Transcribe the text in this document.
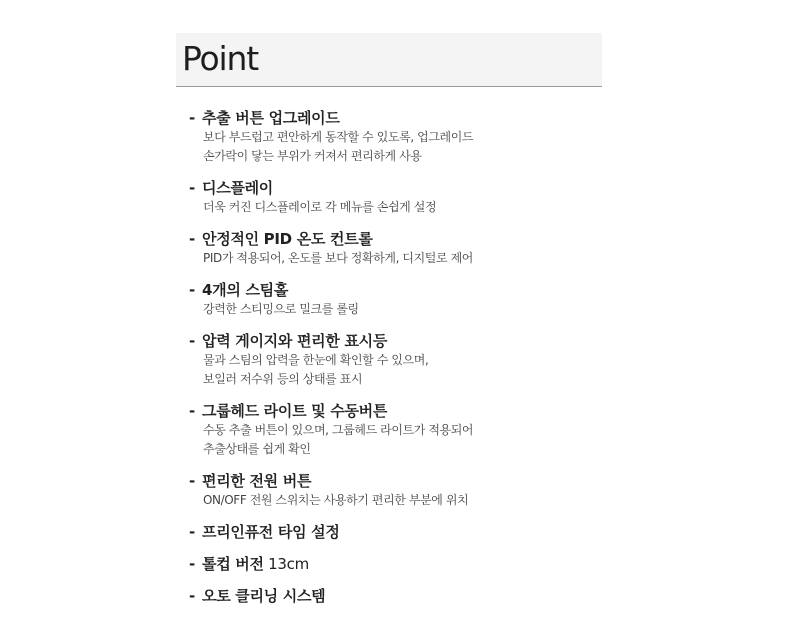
Point
- 추출 버튼 업그레이드
보다 부드럽고 편안하게 동작할 수 있도록, 업그레이드
손가락이 닿는 부위가 커져서 편리하게 사용
- 디스플레이
더욱 커진 디스플레이로 각 메뉴를 손쉽게 설정
- 안정적인 PID 온도 컨트롤
PID가 적용되어, 온도를 보다 정확하게, 디지털로 제어
- 4개의 스팀홀
강력한 스티밍으로 밀크를 롤링
- 압력 게이지와 편리한 표시등
물과 스팀의 압력을 한눈에 확인할 수 있으며,
보일러 저수위 등의 상태를 표시
- 그룹헤드 라이트 및 수동버튼
수동 추출 버튼이 있으며, 그룹헤드 라이트가 적용되어
추출상태를 쉽게 확인
- 편리한 전원 버튼
ON/OFF 전원 스위치는 사용하기 편리한 부분에 위치
- 프리인퓨전 타임 설정
- 톨컵 버전 13cm
- 오토 클리닝 시스템
